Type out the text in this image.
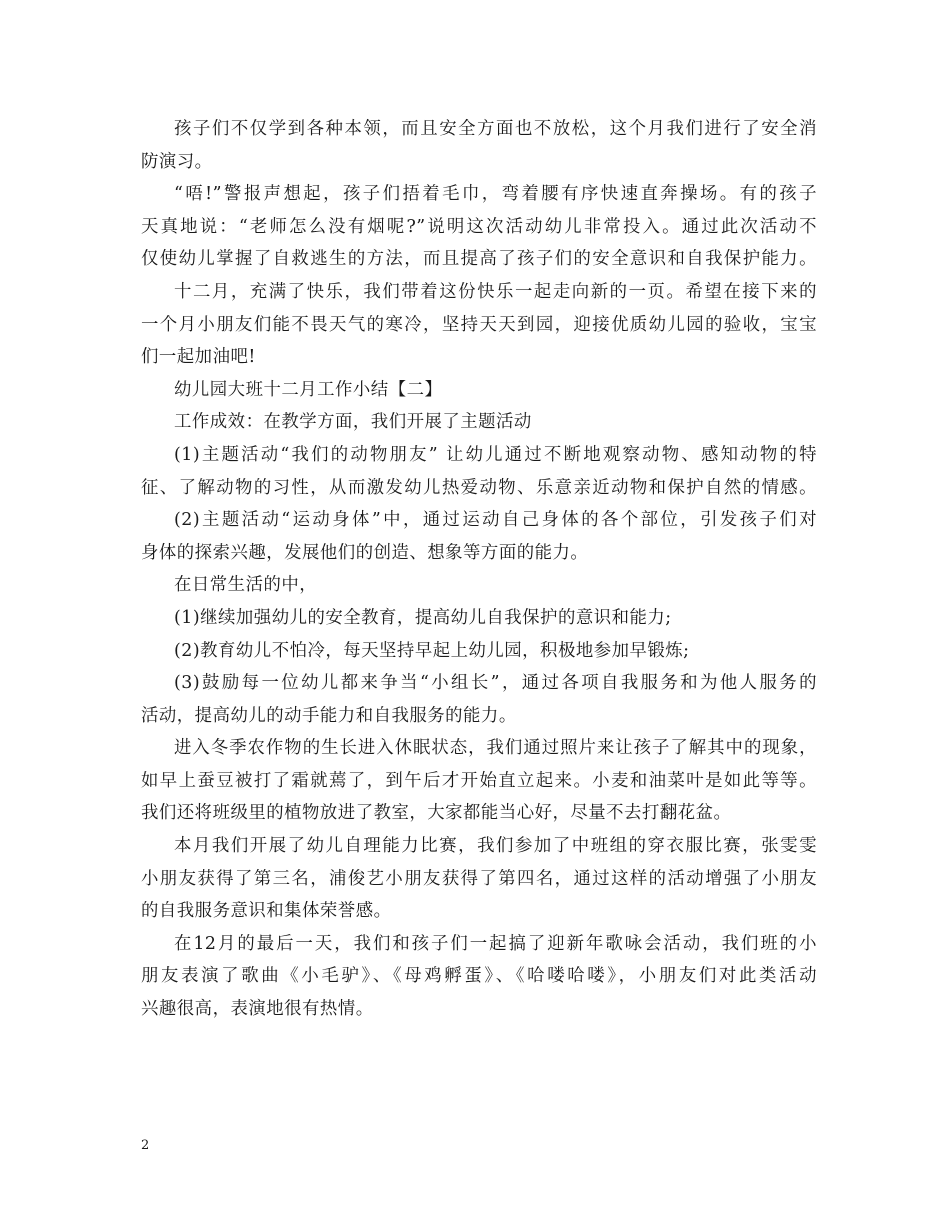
孩子们不仅学到各种本领，而且安全方面也不放松，这个月我们进行了安全消
防演习。
“唔!”警报声想起，孩子们捂着毛巾，弯着腰有序快速直奔操场。有的孩子
天真地说：“老师怎么没有烟呢?”说明这次活动幼儿非常投入。通过此次活动不
仅使幼儿掌握了自救逃生的方法，而且提高了孩子们的安全意识和自我保护能力。
十二月，充满了快乐，我们带着这份快乐一起走向新的一页。希望在接下来的
一个月小朋友们能不畏天气的寒冷，坚持天天到园，迎接优质幼儿园的验收，宝宝
们一起加油吧!
幼儿园大班十二月工作小结【二】
工作成效：在教学方面，我们开展了主题活动
(1)主题活动“我们的动物朋友” 让幼儿通过不断地观察动物、感知动物的特
征、了解动物的习性，从而激发幼儿热爱动物、乐意亲近动物和保护自然的情感。
(2)主题活动“运动身体”中，通过运动自己身体的各个部位，引发孩子们对
身体的探索兴趣，发展他们的创造、想象等方面的能力。
在日常生活的中，
(1)继续加强幼儿的安全教育，提高幼儿自我保护的意识和能力;
(2)教育幼儿不怕冷，每天坚持早起上幼儿园，积极地参加早锻炼;
(3)鼓励每一位幼儿都来争当“小组长”，通过各项自我服务和为他人服务的
活动，提高幼儿的动手能力和自我服务的能力。
进入冬季农作物的生长进入休眠状态，我们通过照片来让孩子了解其中的现象，
如早上蚕豆被打了霜就蔫了，到午后才开始直立起来。小麦和油菜叶是如此等等。
我们还将班级里的植物放进了教室，大家都能当心好，尽量不去打翻花盆。
本月我们开展了幼儿自理能力比赛，我们参加了中班组的穿衣服比赛，张雯雯
小朋友获得了第三名，浦俊艺小朋友获得了第四名，通过这样的活动增强了小朋友
的自我服务意识和集体荣誉感。
在12月的最后一天，我们和孩子们一起搞了迎新年歌咏会活动，我们班的小
朋友表演了歌曲《小毛驴》、《母鸡孵蛋》、《哈喽哈喽》，小朋友们对此类活动
兴趣很高，表演地很有热情。
2
